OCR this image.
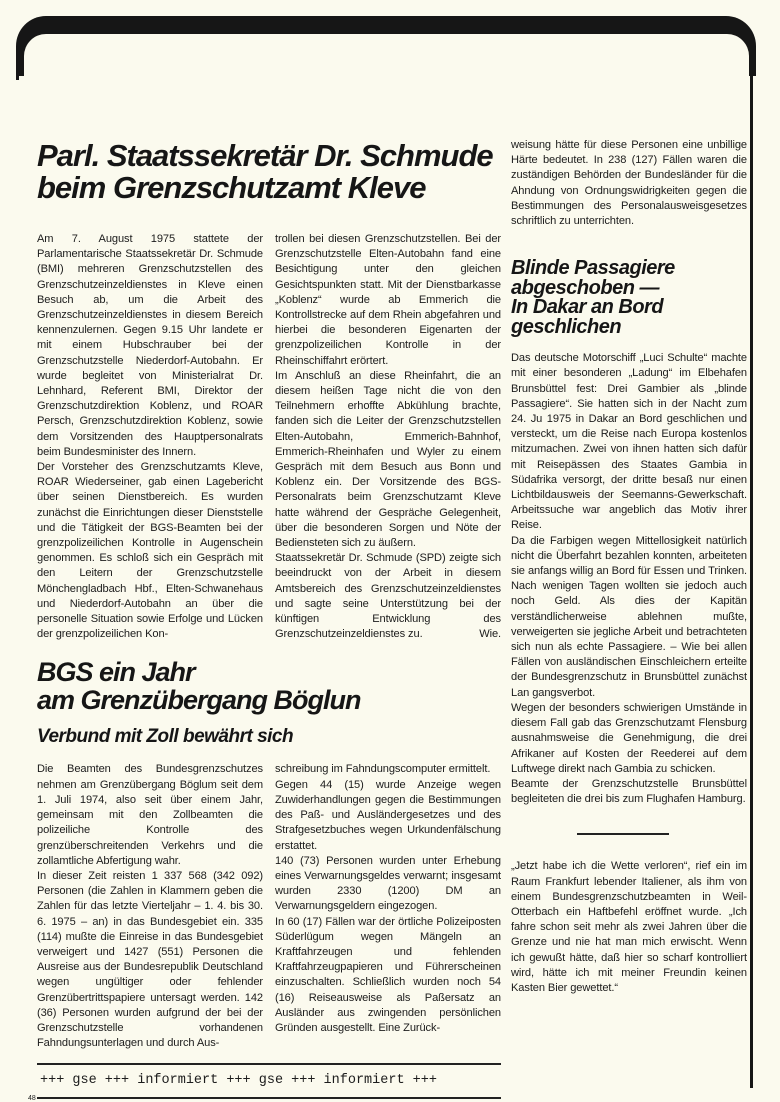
Parl. Staatssekretär Dr. Schmude beim Grenzschutzamt Kleve

Am 7. August 1975 stattete der Parlamentarische Staatssekretär Dr. Schmude (BMI) mehreren Grenzschutzstellen des Grenzschutzeinzeldienstes in Kleve einen Besuch ab, um die Arbeit des Grenzschutzeinzeldienstes in diesem Bereich kennenzulernen. Gegen 9.15 Uhr landete er mit einem Hubschrauber bei der Grenzschutzstelle Niederdorf-Autobahn. Er wurde begleitet von Ministerialrat Dr. Lehnhard, Referent BMI, Direktor der Grenzschutzdirektion Koblenz, und ROAR Persch, Grenzschutzdirektion Koblenz, sowie dem Vorsitzenden des Hauptpersonalrats beim Bundesminister des Innern.

Der Vorsteher des Grenzschutzamts Kleve, ROAR Wiederseiner, gab einen Lagebericht über seinen Dienstbereich. Es wurden zunächst die Einrichtungen dieser Dienststelle und die Tätigkeit der BGS-Beamten bei der grenzpolizeilichen Kontrolle in Augenschein genommen. Es schloß sich ein Gespräch mit den Leitern der Grenzschutzstelle Mönchengladbach Hbf., Elten-Schwanehaus und Niederdorf-Autobahn an über die personelle Situation sowie Erfolge und Lücken der grenzpolizeilichen Kon-

trollen bei diesen Grenzschutzstellen. Bei der Grenzschutzstelle Elten-Autobahn fand eine Besichtigung unter den gleichen Gesichtspunkten statt. Mit der Dienstbarkasse „Koblenz“ wurde ab Emmerich die Kontrollstrecke auf dem Rhein abgefahren und hierbei die besonderen Eigenarten der grenzpolizeilichen Kontrolle in der Rheinschiffahrt erörtert.

Im Anschluß an diese Rheinfahrt, die an diesem heißen Tage nicht die von den Teilnehmern erhoffte Abkühlung brachte, fanden sich die Leiter der Grenzschutzstellen Elten-Autobahn, Emmerich-Bahnhof, Emmerich-Rheinhafen und Wyler zu einem Gespräch mit dem Besuch aus Bonn und Koblenz ein. Der Vorsitzende des BGS-Personalrats beim Grenzschutzamt Kleve hatte während der Gespräche Gelegenheit, über die besonderen Sorgen und Nöte der Bediensteten sich zu äußern.

Staatssekretär Dr. Schmude (SPD) zeigte sich beeindruckt von der Arbeit in diesem Amtsbereich des Grenzschutzeinzeldienstes und sagte seine Unterstützung bei der künftigen Entwicklung des Grenzschutzeinzeldienstes zu.	Wie.

BGS ein Jahr
am Grenzübergang Böglun
Verbund mit Zoll bewährt sich

Die Beamten des Bundesgrenzschutzes nehmen am Grenzübergang Böglum seit dem 1. Juli 1974, also seit über einem Jahr, gemeinsam mit den Zollbeamten die polizeiliche Kontrolle des grenzüberschreitenden Verkehrs und die zollamtliche Abfertigung wahr.

In dieser Zeit reisten 1 337 568 (342 092) Personen (die Zahlen in Klammern geben die Zahlen für das letzte Vierteljahr – 1. 4. bis 30. 6. 1975 – an) in das Bundesgebiet ein. 335 (114) mußte die Einreise in das Bundesgebiet verweigert und 1427 (551) Personen die Ausreise aus der Bundesrepublik Deutschland wegen ungültiger oder fehlender Grenzübertrittspapiere untersagt werden. 142 (36) Personen wurden aufgrund der bei der Grenzschutzstelle vorhandenen Fahndungsunterlagen und durch Aus-

schreibung im Fahndungscomputer ermittelt.

Gegen 44 (15) wurde Anzeige wegen Zuwiderhandlungen gegen die Bestimmungen des Paß- und Ausländergesetzes und des Strafgesetzbuches wegen Urkundenfälschung erstattet.

140 (73) Personen wurden unter Erhebung eines Verwarnungsgeldes verwarnt; insgesamt wurden 2330 (1200) DM an Verwarnungsgeldern eingezogen.

In 60 (17) Fällen war der örtliche Polizeiposten Süderlügum wegen Mängeln an Kraftfahrzeugen und fehlenden Kraftfahrzeugpapieren und Führerscheinen einzuschalten. Schließlich wurden noch 54 (16) Reiseausweise als Paßersatz an Ausländer aus zwingenden persönlichen Gründen ausgestellt. Eine Zurück-

+++ gse +++ informiert +++ gse +++ informiert +++
48

weisung hätte für diese Personen eine unbillige Härte bedeutet. In 238 (127) Fällen waren die zuständigen Behörden der Bundesländer für die Ahndung von Ordnungswidrigkeiten gegen die Bestimmungen des Personalausweisgesetzes schriftlich zu unterrichten.

Blinde Passagiere
abgeschoben —
In Dakar an Bord
geschlichen

Das deutsche Motorschiff „Luci Schulte“ machte mit einer besonderen „Ladung“ im Elbehafen Brunsbüttel fest: Drei Gambier als „blinde Passagiere“. Sie hatten sich in der Nacht zum 24. Ju 1975 in Dakar an Bord geschlichen und versteckt, um die Reise nach Europa kostenlos mitzumachen. Zwei von ihnen hatten sich dafür mit Reisepässen des Staates Gambia in Südafrika versorgt, der dritte besaß nur einen Lichtbildausweis der Seemanns-Gewerkschaft. Arbeitssuche war angeblich das Motiv ihrer Reise.

Da die Farbigen wegen Mittellosigkeit natürlich nicht die Überfahrt bezahlen konnten, arbeiteten sie anfangs willig an Bord für Essen und Trinken. Nach wenigen Tagen wollten sie jedoch auch noch Geld. Als dies der Kapitän verständlicherweise ablehnen mußte, verweigerten sie jegliche Arbeit und betrachteten sich nun als echte Passagiere. – Wie bei allen Fällen von ausländischen Einschleichern erteilte der Bundesgrenzschutz in Brunsbüttel zunächst Lan gangsverbot.

Wegen der besonders schwierigen Umstände in diesem Fall gab das Grenzschutzamt Flensburg ausnahmsweise die Genehmigung, die drei Afrikaner auf Kosten der Reederei auf dem Luftwege direkt nach Gambia zu schicken.

Beamte der Grenzschutzstelle Brunsbüttel begleiteten die drei bis zum Flughafen Hamburg.

„Jetzt habe ich die Wette verloren“, rief ein im Raum Frankfurt lebender Italiener, als ihm von einem Bundesgrenzschutzbeamten in Weil-Otterbach ein Haftbefehl eröffnet wurde. „Ich fahre schon seit mehr als zwei Jahren über die Grenze und nie hat man mich erwischt. Wenn ich gewußt hätte, daß hier so scharf kontrolliert wird, hätte ich mit meiner Freundin keinen Kasten Bier gewettet.“
